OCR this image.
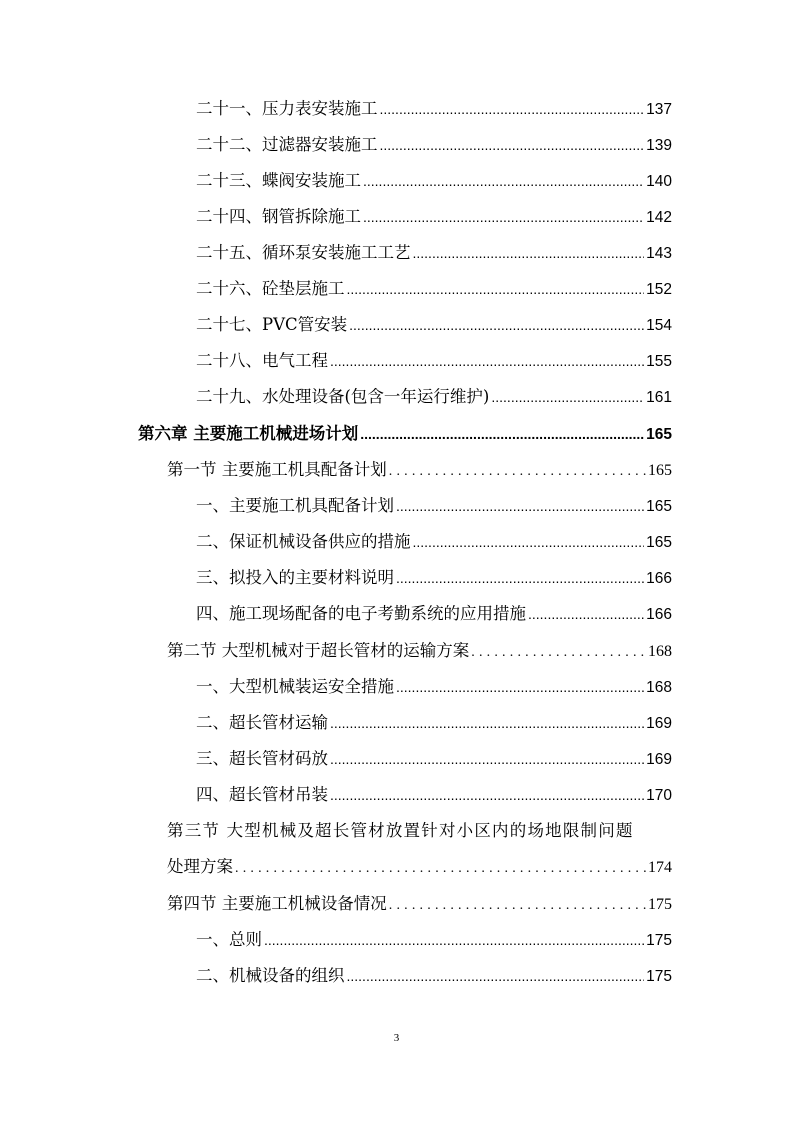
二十一、压力表安装施工 .....	137
二十二、过滤器安装施工 .....	139
二十三、蝶阀安装施工 .....	140
二十四、钢管拆除施工 .....	142
二十五、循环泵安装施工工艺 .....	143
二十六、砼垫层施工 .....	152
二十七、PVC管安装 .....	154
二十八、电气工程 .....	155
二十九、水处理设备(包含一年运行维护) .....	161
第六章 主要施工机械进场计划 .....	165
第一节 主要施工机具配备计划 .....	165
一、主要施工机具配备计划 .....	165
二、保证机械设备供应的措施 .....	165
三、拟投入的主要材料说明 .....	166
四、施工现场配备的电子考勤系统的应用措施 .....	166
第二节 大型机械对于超长管材的运输方案 .....	168
一、大型机械装运安全措施 .....	168
二、超长管材运输 .....	169
三、超长管材码放 .....	169
四、超长管材吊装 .....	170
第三节 大型机械及超长管材放置针对小区内的场地限制问题
处理方案 .....	174
第四节 主要施工机械设备情况 .....	175
一、总则 .....	175
二、机械设备的组织 .....	175
3
